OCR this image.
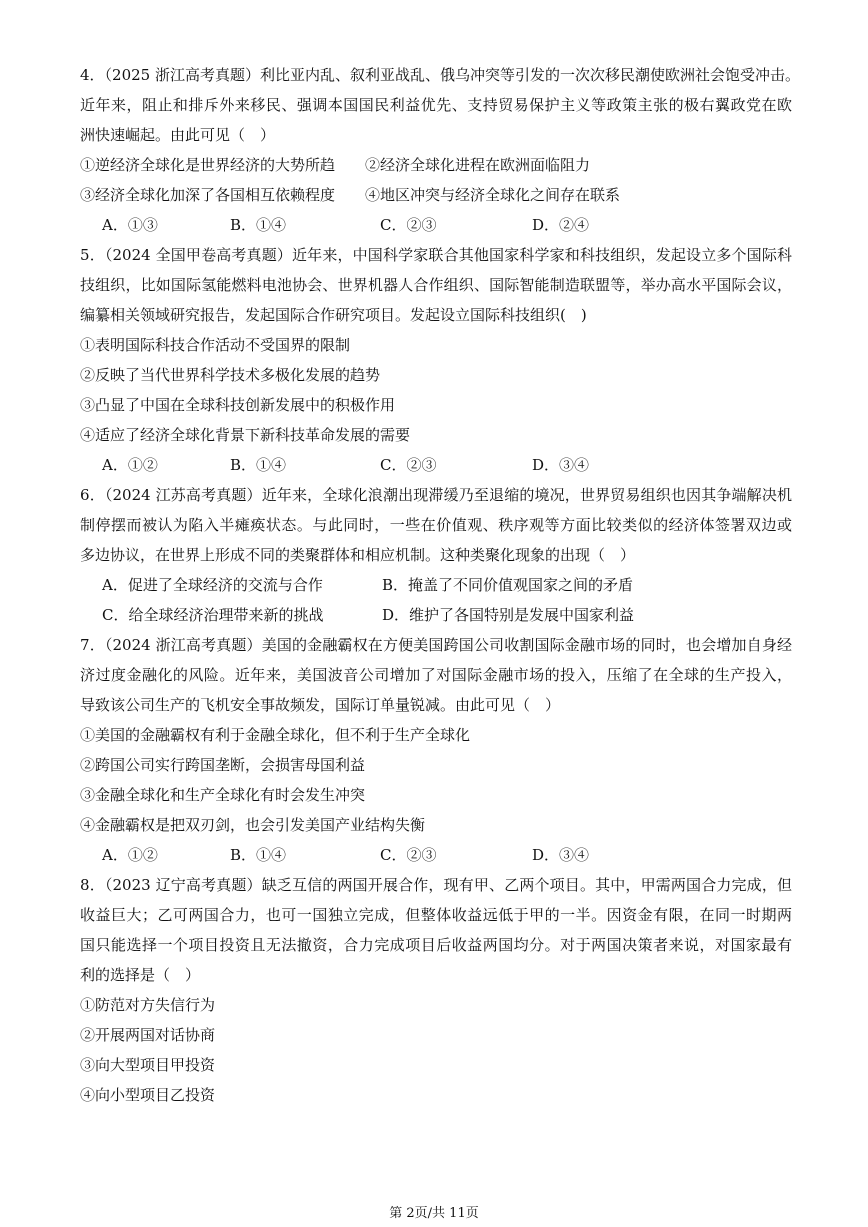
4．（2025 浙江高考真题）利比亚内乱、叙利亚战乱、俄乌冲突等引发的一次次移民潮使欧洲社会饱受冲击。
近年来，阻止和排斥外来移民、强调本国国民利益优先、支持贸易保护主义等政策主张的极右翼政党在欧
洲快速崛起。由此可见（　）
①逆经济全球化是世界经济的大势所趋　　②经济全球化进程在欧洲面临阻力
③经济全球化加深了各国相互依赖程度　　④地区冲突与经济全球化之间存在联系
A．①③	B．①④	C．②③	D．②④
5．（2024 全国甲卷高考真题）近年来，中国科学家联合其他国家科学家和科技组织，发起设立多个国际科
技组织，比如国际氢能燃料电池协会、世界机器人合作组织、国际智能制造联盟等，举办高水平国际会议，
编纂相关领域研究报告，发起国际合作研究项目。发起设立国际科技组织(　)
①表明国际科技合作活动不受国界的限制
②反映了当代世界科学技术多极化发展的趋势
③凸显了中国在全球科技创新发展中的积极作用
④适应了经济全球化背景下新科技革命发展的需要
A．①②	B．①④	C．②③	D．③④
6．（2024 江苏高考真题）近年来，全球化浪潮出现滞缓乃至退缩的境况，世界贸易组织也因其争端解决机
制停摆而被认为陷入半瘫痪状态。与此同时，一些在价值观、秩序观等方面比较类似的经济体签署双边或
多边协议，在世界上形成不同的类聚群体和相应机制。这种类聚化现象的出现（　）
A．促进了全球经济的交流与合作	B．掩盖了不同价值观国家之间的矛盾
C．给全球经济治理带来新的挑战	D．维护了各国特别是发展中国家利益
7．（2024 浙江高考真题）美国的金融霸权在方便美国跨国公司收割国际金融市场的同时，也会增加自身经
济过度金融化的风险。近年来，美国波音公司增加了对国际金融市场的投入，压缩了在全球的生产投入，
导致该公司生产的飞机安全事故频发，国际订单量锐减。由此可见（　）
①美国的金融霸权有利于金融全球化，但不利于生产全球化
②跨国公司实行跨国垄断，会损害母国利益
③金融全球化和生产全球化有时会发生冲突
④金融霸权是把双刃剑，也会引发美国产业结构失衡
A．①②	B．①④	C．②③	D．③④
8．（2023 辽宁高考真题）缺乏互信的两国开展合作，现有甲、乙两个项目。其中，甲需两国合力完成，但
收益巨大；乙可两国合力，也可一国独立完成，但整体收益远低于甲的一半。因资金有限，在同一时期两
国只能选择一个项目投资且无法撤资，合力完成项目后收益两国均分。对于两国决策者来说，对国家最有
利的选择是（　）
①防范对方失信行为
②开展两国对话协商
③向大型项目甲投资
④向小型项目乙投资
第 2页/共 11页
